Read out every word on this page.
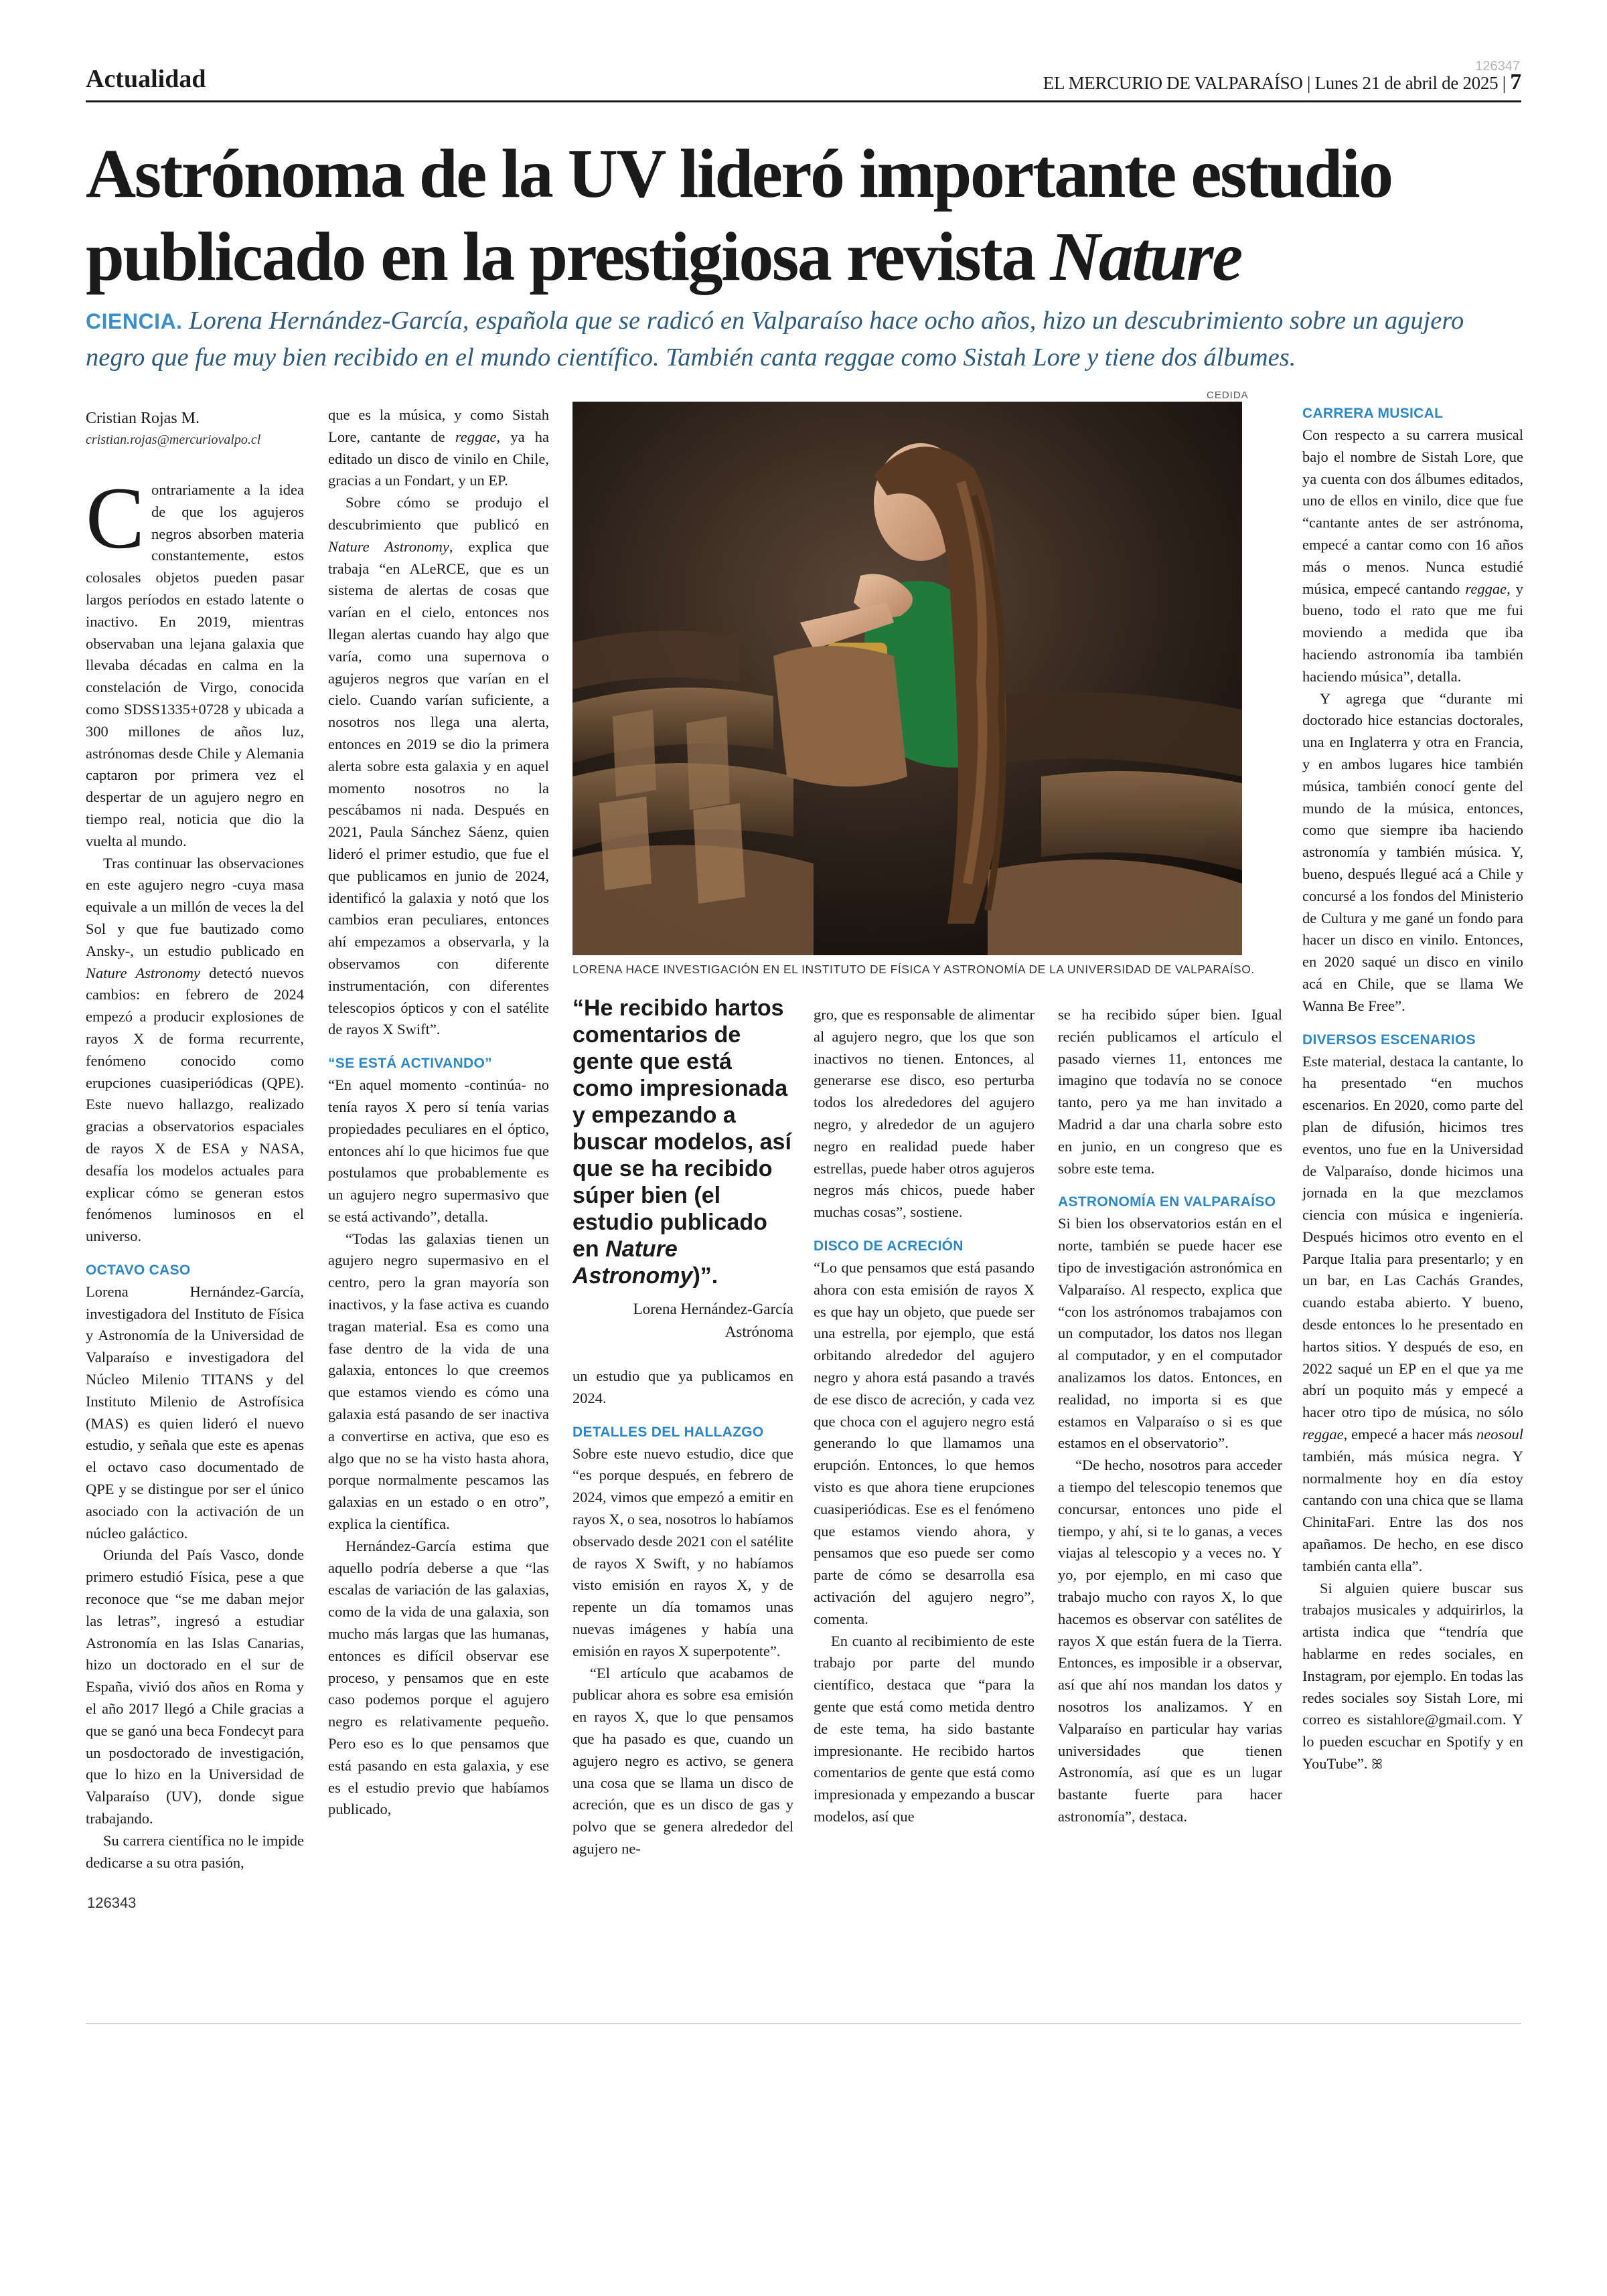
Actualidad	126347
EL MERCURIO DE VALPARAÍSO | Lunes 21 de abril de 2025 | 7
Astrónoma de la UV lideró importante estudio publicado en la prestigiosa revista Nature

CIENCIA. Lorena Hernández-García, española que se radicó en Valparaíso hace ocho años, hizo un descubrimiento sobre un agujero negro que fue muy bien recibido en el mundo científico. También canta reggae como Sistah Lore y tiene dos álbumes.

Cristian Rojas M.

cristian.rojas@mercuriovalpo.cl

Contrariamente a la idea de que los agujeros negros absorben materia constantemente, estos colosales objetos pueden pasar largos períodos en estado latente o inactivo. En 2019, mientras observaban una lejana galaxia que llevaba décadas en calma en la constelación de Virgo, conocida como SDSS1335+0728 y ubicada a 300 millones de años luz, astrónomas desde Chile y Alemania captaron por primera vez el despertar de un agujero negro en tiempo real, noticia que dio la vuelta al mundo.

Tras continuar las observaciones en este agujero negro -cuya masa equivale a un millón de veces la del Sol y que fue bautizado como Ansky-, un estudio publicado en Nature Astronomy detectó nuevos cambios: en febrero de 2024 empezó a producir explosiones de rayos X de forma recurrente, fenómeno conocido como erupciones cuasiperiódicas (QPE). Este nuevo hallazgo, realizado gracias a observatorios espaciales de rayos X de ESA y NASA, desafía los modelos actuales para explicar cómo se generan estos fenómenos luminosos en el universo.

OCTAVO CASO

Lorena Hernández-García, investigadora del Instituto de Física y Astronomía de la Universidad de Valparaíso e investigadora del Núcleo Milenio TITANS y del Instituto Milenio de Astrofísica (MAS) es quien lideró el nuevo estudio, y señala que este es apenas el octavo caso documentado de QPE y se distingue por ser el único asociado con la activación de un núcleo galáctico.

Oriunda del País Vasco, donde primero estudió Física, pese a que reconoce que “se me daban mejor las letras”, ingresó a estudiar Astronomía en las Islas Canarias, hizo un doctorado en el sur de España, vivió dos años en Roma y el año 2017 llegó a Chile gracias a que se ganó una beca Fondecyt para un posdoctorado de investigación, que lo hizo en la Universidad de Valparaíso (UV), donde sigue trabajando.

Su carrera científica no le impide dedicarse a su otra pasión,

126343

que es la música, y como Sistah Lore, cantante de reggae, ya ha editado un disco de vinilo en Chile, gracias a un Fondart, y un EP.

Sobre cómo se produjo el descubrimiento que publicó en Nature Astronomy, explica que trabaja “en ALeRCE, que es un sistema de alertas de cosas que varían en el cielo, entonces nos llegan alertas cuando hay algo que varía, como una supernova o agujeros negros que varían en el cielo. Cuando varían suficiente, a nosotros nos llega una alerta, entonces en 2019 se dio la primera alerta sobre esta galaxia y en aquel momento nosotros no la pescábamos ni nada. Después en 2021, Paula Sánchez Sáenz, quien lideró el primer estudio, que fue el que publicamos en junio de 2024, identificó la galaxia y notó que los cambios eran peculiares, entonces ahí empezamos a observarla, y la observamos con diferente instrumentación, con diferentes telescopios ópticos y con el satélite de rayos X Swift”.

“SE ESTÁ ACTIVANDO”

“En aquel momento -continúa- no tenía rayos X pero sí tenía varias propiedades peculiares en el óptico, entonces ahí lo que hicimos fue que postulamos que probablemente es un agujero negro supermasivo que se está activando”, detalla.

“Todas las galaxias tienen un agujero negro supermasivo en el centro, pero la gran mayoría son inactivos, y la fase activa es cuando tragan material. Esa es como una fase dentro de la vida de una galaxia, entonces lo que creemos que estamos viendo es cómo una galaxia está pasando de ser inactiva a convertirse en activa, que eso es algo que no se ha visto hasta ahora, porque normalmente pescamos las galaxias en un estado o en otro”, explica la científica.

Hernández-García estima que aquello podría deberse a que “las escalas de variación de las galaxias, como de la vida de una galaxia, son mucho más largas que las humanas, entonces es difícil observar ese proceso, y pensamos que en este caso podemos porque el agujero negro es relativamente pequeño. Pero eso es lo que pensamos que está pasando en esta galaxia, y ese es el estudio previo que habíamos publicado,

CEDIDA
LORENA HACE INVESTIGACIÓN EN EL INSTITUTO DE FÍSICA Y ASTRONOMÍA DE LA UNIVERSIDAD DE VALPARAÍSO.

“He recibido hartos comentarios de gente que está como impresionada y empezando a buscar modelos, así que se ha recibido súper bien (el estudio publicado en Nature Astronomy)”.

Lorena Hernández-García
Astrónoma

un estudio que ya publicamos en 2024.

DETALLES DEL HALLAZGO

Sobre este nuevo estudio, dice que “es porque después, en febrero de 2024, vimos que empezó a emitir en rayos X, o sea, nosotros lo habíamos observado desde 2021 con el satélite de rayos X Swift, y no habíamos visto emisión en rayos X, y de repente un día tomamos unas nuevas imágenes y había una emisión en rayos X superpotente”.

“El artículo que acabamos de publicar ahora es sobre esa emisión en rayos X, que lo que pensamos que ha pasado es que, cuando un agujero negro es activo, se genera una cosa que se llama un disco de acreción, que es un disco de gas y polvo que se genera alrededor del agujero ne-

gro, que es responsable de alimentar al agujero negro, que los que son inactivos no tienen. Entonces, al generarse ese disco, eso perturba todos los alrededores del agujero negro, y alrededor de un agujero negro en realidad puede haber estrellas, puede haber otros agujeros negros más chicos, puede haber muchas cosas”, sostiene.

DISCO DE ACRECIÓN

“Lo que pensamos que está pasando ahora con esta emisión de rayos X es que hay un objeto, que puede ser una estrella, por ejemplo, que está orbitando alrededor del agujero negro y ahora está pasando a través de ese disco de acreción, y cada vez que choca con el agujero negro está generando lo que llamamos una erupción. Entonces, lo que hemos visto es que ahora tiene erupciones cuasiperiódicas. Ese es el fenómeno que estamos viendo ahora, y pensamos que eso puede ser como parte de cómo se desarrolla esa activación del agujero negro”, comenta.

En cuanto al recibimiento de este trabajo por parte del mundo científico, destaca que “para la gente que está como metida dentro de este tema, ha sido bastante impresionante. He recibido hartos comentarios de gente que está como impresionada y empezando a buscar modelos, así que

se ha recibido súper bien. Igual recién publicamos el artículo el pasado viernes 11, entonces me imagino que todavía no se conoce tanto, pero ya me han invitado a Madrid a dar una charla sobre esto en junio, en un congreso que es sobre este tema.

ASTRONOMÍA EN VALPARAÍSO

Si bien los observatorios están en el norte, también se puede hacer ese tipo de investigación astronómica en Valparaíso. Al respecto, explica que “con los astrónomos trabajamos con un computador, los datos nos llegan al computador, y en el computador analizamos los datos. Entonces, en realidad, no importa si es que estamos en Valparaíso o si es que estamos en el observatorio”.

“De hecho, nosotros para acceder a tiempo del telescopio tenemos que concursar, entonces uno pide el tiempo, y ahí, si te lo ganas, a veces viajas al telescopio y a veces no. Y yo, por ejemplo, en mi caso que trabajo mucho con rayos X, lo que hacemos es observar con satélites de rayos X que están fuera de la Tierra. Entonces, es imposible ir a observar, así que ahí nos mandan los datos y nosotros los analizamos. Y en Valparaíso en particular hay varias universidades que tienen Astronomía, así que es un lugar bastante fuerte para hacer astronomía”, destaca.

CARRERA MUSICAL

Con respecto a su carrera musical bajo el nombre de Sistah Lore, que ya cuenta con dos álbumes editados, uno de ellos en vinilo, dice que fue “cantante antes de ser astrónoma, empecé a cantar como con 16 años más o menos. Nunca estudié música, empecé cantando reggae, y bueno, todo el rato que me fui moviendo a medida que iba haciendo astronomía iba también haciendo música”, detalla.

Y agrega que “durante mi doctorado hice estancias doctorales, una en Inglaterra y otra en Francia, y en ambos lugares hice también música, también conocí gente del mundo de la música, entonces, como que siempre iba haciendo astronomía y también música. Y, bueno, después llegué acá a Chile y concursé a los fondos del Ministerio de Cultura y me gané un fondo para hacer un disco en vinilo. Entonces, en 2020 saqué un disco en vinilo acá en Chile, que se llama We Wanna Be Free”.

DIVERSOS ESCENARIOS

Este material, destaca la cantante, lo ha presentado “en muchos escenarios. En 2020, como parte del plan de difusión, hicimos tres eventos, uno fue en la Universidad de Valparaíso, donde hicimos una jornada en la que mezclamos ciencia con música e ingeniería. Después hicimos otro evento en el Parque Italia para presentarlo; y en un bar, en Las Cachás Grandes, cuando estaba abierto. Y bueno, desde entonces lo he presentado en hartos sitios. Y después de eso, en 2022 saqué un EP en el que ya me abrí un poquito más y empecé a hacer otro tipo de música, no sólo reggae, empecé a hacer más neosoul también, más música negra. Y normalmente hoy en día estoy cantando con una chica que se llama ChinitaFari. Entre las dos nos apañamos. De hecho, en ese disco también canta ella”.

Si alguien quiere buscar sus trabajos musicales y adquirirlos, la artista indica que “tendría que hablarme en redes sociales, en Instagram, por ejemplo. En todas las redes sociales soy Sistah Lore, mi correo es sistahlore@gmail.com. Y lo pueden escuchar en Spotify y en YouTube”. ꕤ
